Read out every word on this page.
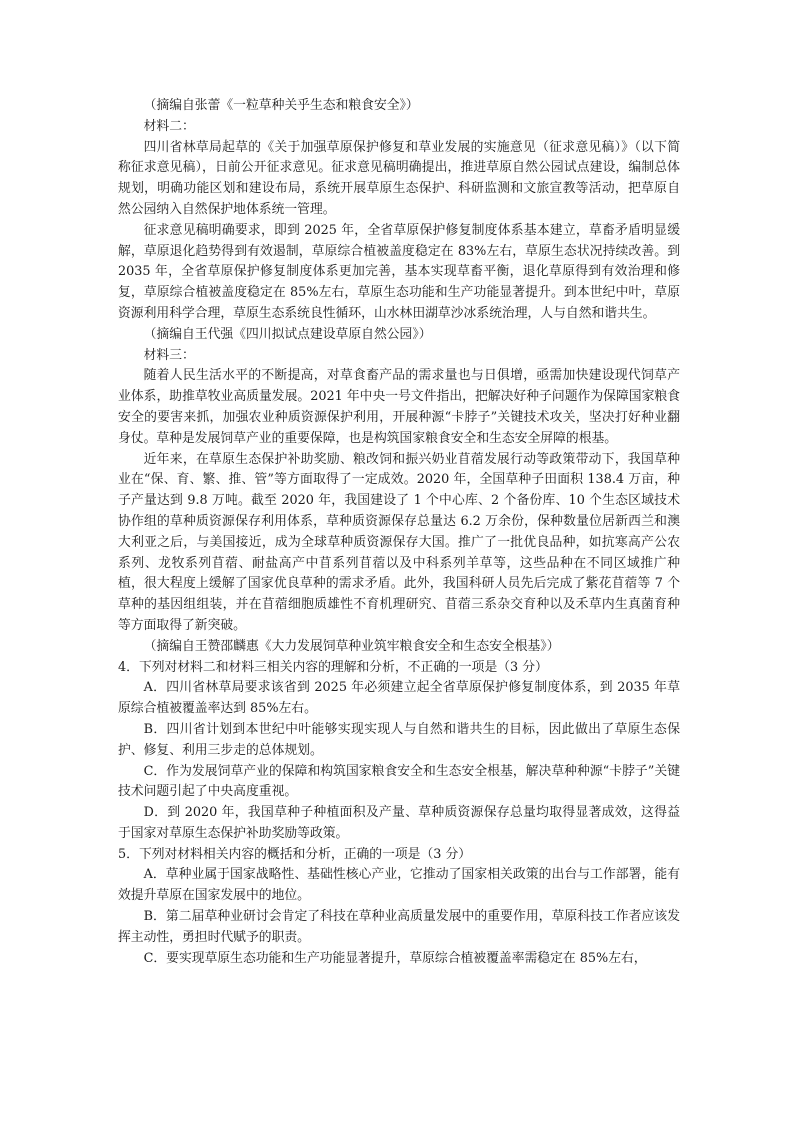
（摘编自张蕾《一粒草种关乎生态和粮食安全》）

材料二：

四川省林草局起草的《关于加强草原保护修复和草业发展的实施意见（征求意见稿）》（以下简称征求意见稿），日前公开征求意见。征求意见稿明确提出，推进草原自然公园试点建设，编制总体规划，明确功能区划和建设布局，系统开展草原生态保护、科研监测和文旅宣教等活动，把草原自然公园纳入自然保护地体系统一管理。

征求意见稿明确要求，即到 2025 年，全省草原保护修复制度体系基本建立，草畜矛盾明显缓解，草原退化趋势得到有效遏制，草原综合植被盖度稳定在 83%左右，草原生态状况持续改善。到 2035 年，全省草原保护修复制度体系更加完善，基本实现草畜平衡，退化草原得到有效治理和修复，草原综合植被盖度稳定在 85%左右，草原生态功能和生产功能显著提升。到本世纪中叶，草原资源利用科学合理，草原生态系统良性循环，山水林田湖草沙冰系统治理，人与自然和谐共生。

（摘编自王代强《四川拟试点建设草原自然公园》）

材料三：

随着人民生活水平的不断提高，对草食畜产品的需求量也与日俱增，亟需加快建设现代饲草产业体系，助推草牧业高质量发展。2021 年中央一号文件指出，把解决好种子问题作为保障国家粮食安全的要害来抓，加强农业种质资源保护利用，开展种源“卡脖子”关键技术攻关，坚决打好种业翻身仗。草种是发展饲草产业的重要保障，也是构筑国家粮食安全和生态安全屏障的根基。

近年来，在草原生态保护补助奖励、粮改饲和振兴奶业苜蓿发展行动等政策带动下，我国草种业在“保、育、繁、推、管”等方面取得了一定成效。2020 年，全国草种子田面积 138.4 万亩，种子产量达到 9.8 万吨。截至 2020 年，我国建设了 1 个中心库、2 个备份库、10 个生态区域技术协作组的草种质资源保存利用体系，草种质资源保存总量达 6.2 万余份，保种数量位居新西兰和澳大利亚之后，与美国接近，成为全球草种质资源保存大国。推广了一批优良品种，如抗寒高产公农系列、龙牧系列苜蓿、耐盐高产中苜系列苜蓿以及中科系列羊草等，这些品种在不同区域推广种植，很大程度上缓解了国家优良草种的需求矛盾。此外，我国科研人员先后完成了紫花苜蓿等 7 个草种的基因组组装，并在苜蓿细胞质雄性不育机理研究、苜蓿三系杂交育种以及禾草内生真菌育种等方面取得了新突破。

（摘编自王赞邵麟惠《大力发展饲草种业筑牢粮食安全和生态安全根基》）

4．下列对材料二和材料三相关内容的理解和分析，不正确的一项是（3 分）

A．四川省林草局要求该省到 2025 年必须建立起全省草原保护修复制度体系，到 2035 年草原综合植被覆盖率达到 85%左右。

B．四川省计划到本世纪中叶能够实现实现人与自然和谐共生的目标，因此做出了草原生态保护、修复、利用三步走的总体规划。

C．作为发展饲草产业的保障和构筑国家粮食安全和生态安全根基，解决草种种源“卡脖子”关键技术问题引起了中央高度重视。

D．到 2020 年，我国草种子种植面积及产量、草种质资源保存总量均取得显著成效，这得益于国家对草原生态保护补助奖励等政策。

5．下列对材料相关内容的概括和分析，正确的一项是（3 分）

A．草种业属于国家战略性、基础性核心产业，它推动了国家相关政策的出台与工作部署，能有效提升草原在国家发展中的地位。

B．第二届草种业研讨会肯定了科技在草种业高质量发展中的重要作用，草原科技工作者应该发挥主动性，勇担时代赋予的职责。

C．要实现草原生态功能和生产功能显著提升，草原综合植被覆盖率需稳定在 85%左右，
